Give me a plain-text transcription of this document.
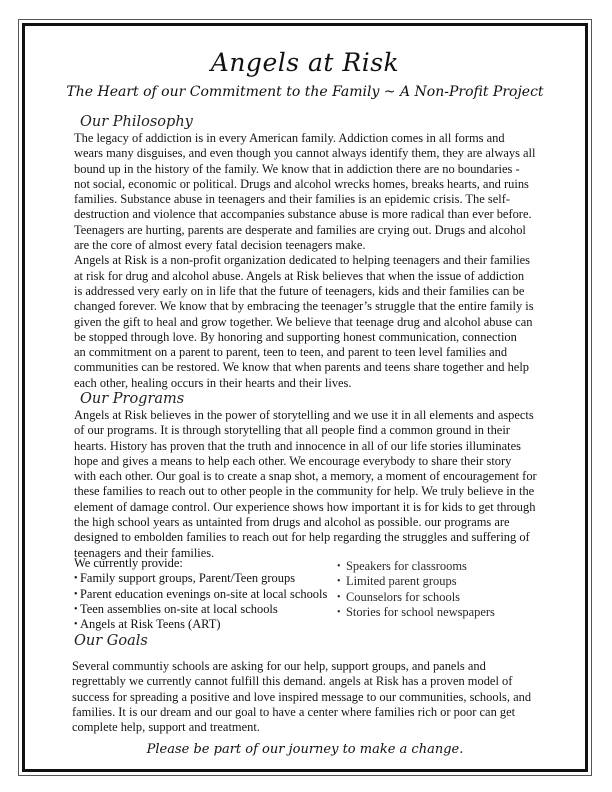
Angels at Risk
The Heart of our Commitment to the Family ~ A Non-Profit Project
Our Philosophy
The legacy of addiction is in every American family. Addiction comes in all forms and
wears many disguises, and even though you cannot always identify them, they are always all
bound up in the history of the family. We know that in addiction there are no boundaries -
not social, economic or political. Drugs and alcohol wrecks homes, breaks hearts, and ruins
families. Substance abuse in teenagers and their families is an epidemic crisis. The self-
destruction and violence that accompanies substance abuse is more radical than ever before.
Teenagers are hurting, parents are desperate and families are crying out. Drugs and alcohol
are the core of almost every fatal decision teenagers make.
Angels at Risk is a non-profit organization dedicated to helping teenagers and their families
at risk for drug and alcohol abuse. Angels at Risk believes that when the issue of addiction
is addressed very early on in life that the future of teenagers, kids and their families can be
changed forever. We know that by embracing the teenager’s struggle that the entire family is
given the gift to heal and grow together. We believe that teenage drug and alcohol abuse can
be stopped through love. By honoring and supporting honest communication, connection
an commitment on a parent to parent, teen to teen, and parent to teen level families and
communities can be restored. We know that when parents and teens share together and help
each other, healing occurs in their hearts and their lives.
Our Programs
Angels at Risk believes in the power of storytelling and we use it in all elements and aspects
of our programs. It is through storytelling that all people find a common ground in their
hearts. History has proven that the truth and innocence in all of our life stories illuminates
hope and gives a means to help each other. We encourage everybody to share their story
with each other. Our goal is to create a snap shot, a memory, a moment of encouragement for
these families to reach out to other people in the community for help. We truly believe in the
element of damage control. Our experience shows how important it is for kids to get through
the high school years as untainted from drugs and alcohol as possible. our programs are
designed to embolden families to reach out for help regarding the struggles and suffering of
teenagers and their families.
We currently provide:
• Family support groups, Parent/Teen groups
• Parent education evenings on-site at local schools
• Teen assemblies on-site at local schools
• Angels at Risk Teens (ART)
• Speakers for classrooms
• Limited parent groups
• Counselors for schools
• Stories for school newspapers
Our Goals
Several communtiy schools are asking for our help, support groups, and panels and
regrettably we currently cannot fulfill this demand. angels at Risk has a proven model of
success for spreading a positive and love inspired message to our communities, schools, and
families. It is our dream and our goal to have a center where families rich or poor can get
complete help, support and treatment.
Please be part of our journey to make a change.
